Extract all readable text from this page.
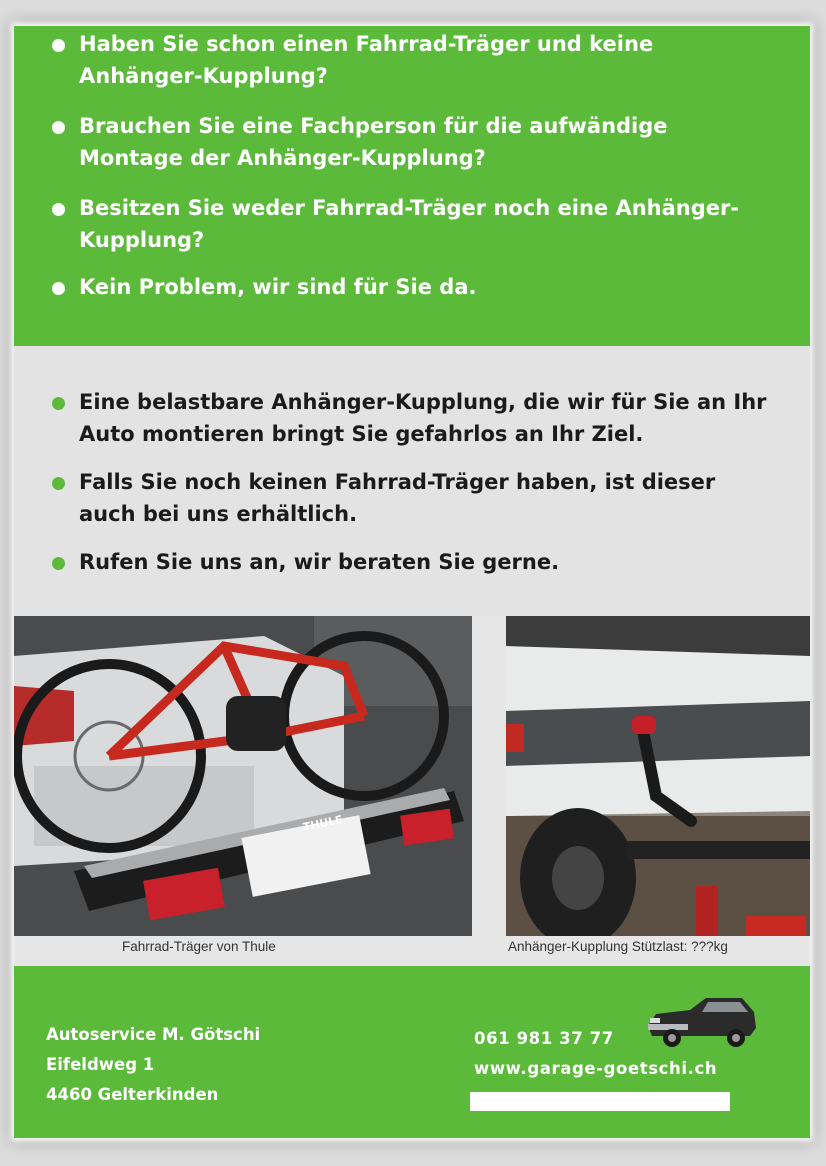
Haben Sie schon einen Fahrrad-Träger und keine Anhänger-Kupplung?
Brauchen Sie eine Fachperson für die aufwändige Montage der Anhänger-Kupplung?
Besitzen Sie weder Fahrrad-Träger noch eine Anhänger-Kupplung?
Kein Problem, wir sind für Sie da.
Eine belastbare Anhänger-Kupplung, die wir für Sie an Ihr Auto montieren bringt Sie gefahrlos an Ihr Ziel.
Falls Sie noch keinen Fahrrad-Träger haben, ist dieser auch bei uns erhältlich.
Rufen Sie uns an, wir beraten Sie gerne.
THULE
Fahrrad-Träger von Thule	Anhänger-Kupplung Stützlast: ???kg
Autoservice M. Götschi
Eifeldweg 1
4460 Gelterkinden
061 981 37 77
www.garage-goetschi.ch
